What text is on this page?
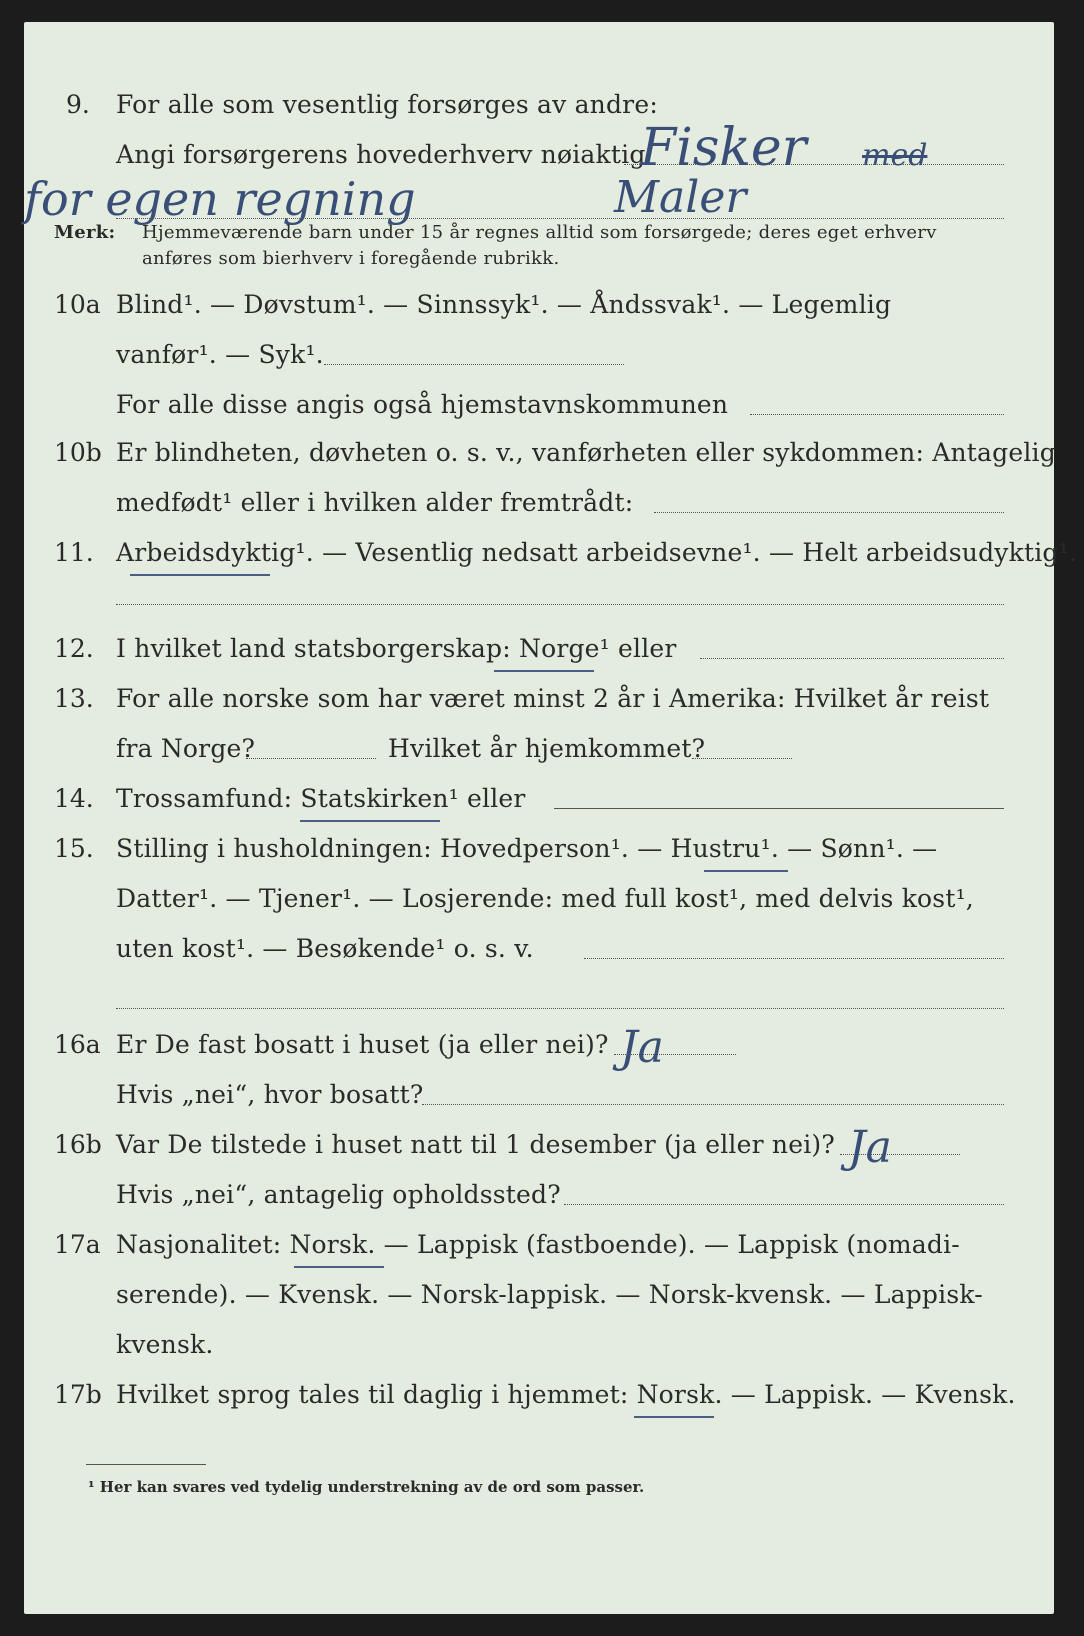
9. For alle som vesentlig forsørges av andre:
Angi forsørgerens hovederhverv nøiaktig
Fisker med
for egen regning	Maler
Merk: Hjemmeværende barn under 15 år regnes alltid som forsørgede; deres eget erhverv
anføres som bierhverv i foregående rubrikk.
10a Blind¹. — Døvstum¹. — Sinnssyk¹. — Åndssvak¹. — Legemlig
vanfør¹. — Syk¹.
For alle disse angis også hjemstavnskommunen
10b Er blindheten, døvheten o. s. v., vanførheten eller sykdommen: Antagelig
medfødt¹ eller i hvilken alder fremtrådt:
11. Arbeidsdyktig¹. — Vesentlig nedsatt arbeidsevne¹. — Helt arbeidsudyktig¹.
12. I hvilket land statsborgerskap: Norge¹ eller
13. For alle norske som har været minst 2 år i Amerika: Hvilket år reist
fra Norge?	Hvilket år hjemkommet?
14. Trossamfund: Statskirken¹ eller
15. Stilling i husholdningen: Hovedperson¹. — Hustru¹. — Sønn¹. —
Datter¹. — Tjener¹. — Losjerende: med full kost¹, med delvis kost¹,
uten kost¹. — Besøkende¹ o. s. v.
16a Er De fast bosatt i huset (ja eller nei)? Ja
Hvis „nei“, hvor bosatt?
16b Var De tilstede i huset natt til 1 desember (ja eller nei)? Ja
Hvis „nei“, antagelig opholdssted?
17a Nasjonalitet: Norsk. — Lappisk (fastboende). — Lappisk (nomadi-
serende). — Kvensk. — Norsk-lappisk. — Norsk-kvensk. — Lappisk-
kvensk.
17b Hvilket sprog tales til daglig i hjemmet: Norsk. — Lappisk. — Kvensk.
¹ Her kan svares ved tydelig understrekning av de ord som passer.
